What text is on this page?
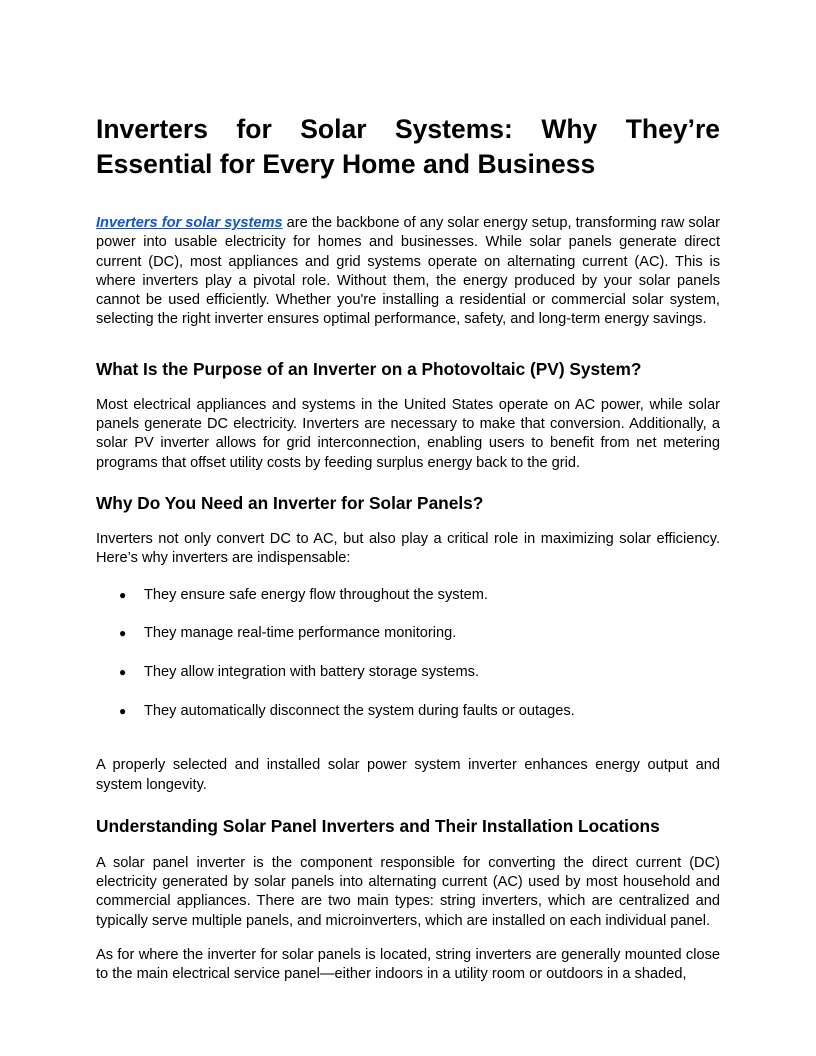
Inverters for Solar Systems: Why They’re
Essential for Every Home and Business

Inverters for solar systems are the backbone of any solar energy setup, transforming raw solar power into usable electricity for homes and businesses. While solar panels generate direct current (DC), most appliances and grid systems operate on alternating current (AC). This is where inverters play a pivotal role. Without them, the energy produced by your solar panels cannot be used efficiently. Whether you're installing a residential or commercial solar system, selecting the right inverter ensures optimal performance, safety, and long-term energy savings.

What Is the Purpose of an Inverter on a Photovoltaic (PV) System?

Most electrical appliances and systems in the United States operate on AC power, while solar panels generate DC electricity. Inverters are necessary to make that conversion. Additionally, a solar PV inverter allows for grid interconnection, enabling users to benefit from net metering programs that offset utility costs by feeding surplus energy back to the grid.

Why Do You Need an Inverter for Solar Panels?

Inverters not only convert DC to AC, but also play a critical role in maximizing solar efficiency. Here’s why inverters are indispensable:

● They ensure safe energy flow throughout the system.
● They manage real-time performance monitoring.
● They allow integration with battery storage systems.
● They automatically disconnect the system during faults or outages.

A properly selected and installed solar power system inverter enhances energy output and system longevity.

Understanding Solar Panel Inverters and Their Installation Locations

A solar panel inverter is the component responsible for converting the direct current (DC) electricity generated by solar panels into alternating current (AC) used by most household and commercial appliances. There are two main types: string inverters, which are centralized and typically serve multiple panels, and microinverters, which are installed on each individual panel.

As for where the inverter for solar panels is located, string inverters are generally mounted close to the main electrical service panel—either indoors in a utility room or outdoors in a shaded,
